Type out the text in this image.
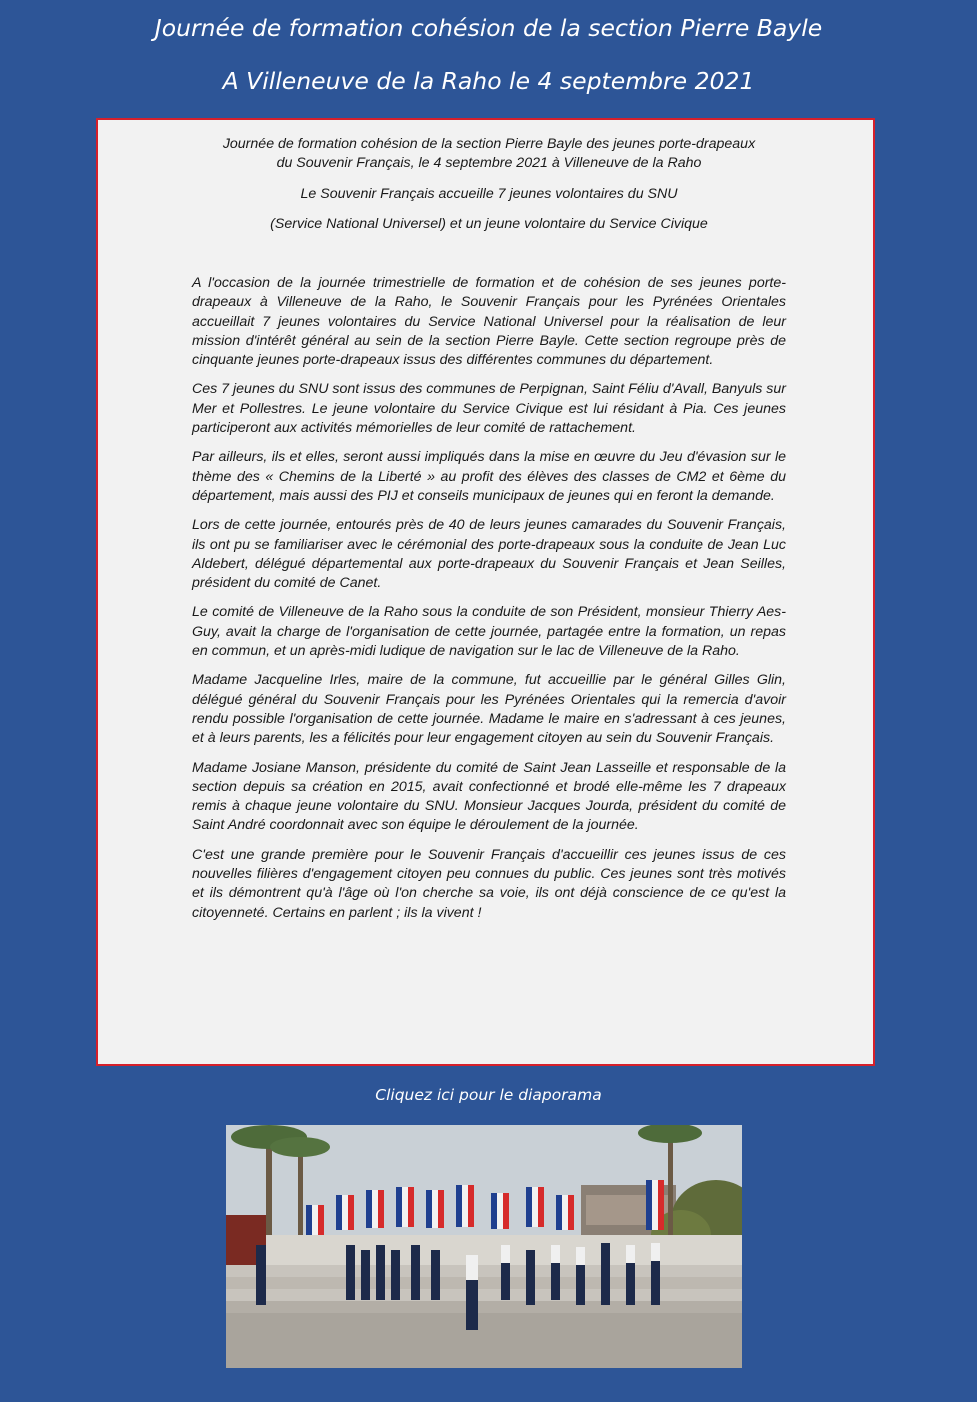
Journée de formation cohésion de la section Pierre Bayle
A Villeneuve de la Raho le 4 septembre 2021

Journée de formation cohésion de la section Pierre Bayle des jeunes porte-drapeaux
du Souvenir Français, le 4 septembre 2021 à Villeneuve de la Raho

Le Souvenir Français accueille 7 jeunes volontaires du SNU

(Service National Universel) et un jeune volontaire du Service Civique

A l'occasion de la journée trimestrielle de formation et de cohésion de ses jeunes porte-drapeaux à Villeneuve de la Raho, le Souvenir Français pour les Pyrénées Orientales accueillait 7 jeunes volontaires du Service National Universel pour la réalisation de leur mission d'intérêt général au sein de la section Pierre Bayle. Cette section regroupe près de cinquante jeunes porte-drapeaux issus des différentes communes du département.

Ces 7 jeunes du SNU sont issus des communes de Perpignan, Saint Féliu d'Avall, Banyuls sur Mer et Pollestres. Le jeune volontaire du Service Civique est lui résidant à Pia. Ces jeunes participeront aux activités mémorielles de leur comité de rattachement.

Par ailleurs, ils et elles, seront aussi impliqués dans la mise en œuvre du Jeu d'évasion sur le thème des « Chemins de la Liberté » au profit des élèves des classes de CM2 et 6ème du département, mais aussi des PIJ et conseils municipaux de jeunes qui en feront la demande.

Lors de cette journée, entourés près de 40 de leurs jeunes camarades du Souvenir Français, ils ont pu se familiariser avec le cérémonial des porte-drapeaux sous la conduite de Jean Luc Aldebert, délégué départemental aux porte-drapeaux du Souvenir Français et Jean Seilles, président du comité de Canet.

Le comité de Villeneuve de la Raho sous la conduite de son Président, monsieur Thierry Aes-Guy, avait la charge de l'organisation de cette journée, partagée entre la formation, un repas en commun, et un après-midi ludique de navigation sur le lac de Villeneuve de la Raho.

Madame Jacqueline Irles, maire de la commune, fut accueillie par le général Gilles Glin, délégué général du Souvenir Français pour les Pyrénées Orientales qui la remercia d'avoir rendu possible l'organisation de cette journée. Madame le maire en s'adressant à ces jeunes, et à leurs parents, les a félicités pour leur engagement citoyen au sein du Souvenir Français.

Madame Josiane Manson, présidente du comité de Saint Jean Lasseille et responsable de la section depuis sa création en 2015, avait confectionné et brodé elle-même les 7 drapeaux remis à chaque jeune volontaire du SNU. Monsieur Jacques Jourda, président du comité de Saint André coordonnait avec son équipe le déroulement de la journée.

C'est une grande première pour le Souvenir Français d'accueillir ces jeunes issus de ces nouvelles filières d'engagement citoyen peu connues du public. Ces jeunes sont très motivés et ils démontrent qu'à l'âge où l'on cherche sa voie, ils ont déjà conscience de ce qu'est la citoyenneté. Certains en parlent ; ils la vivent !

Cliquez ici pour le diaporama
